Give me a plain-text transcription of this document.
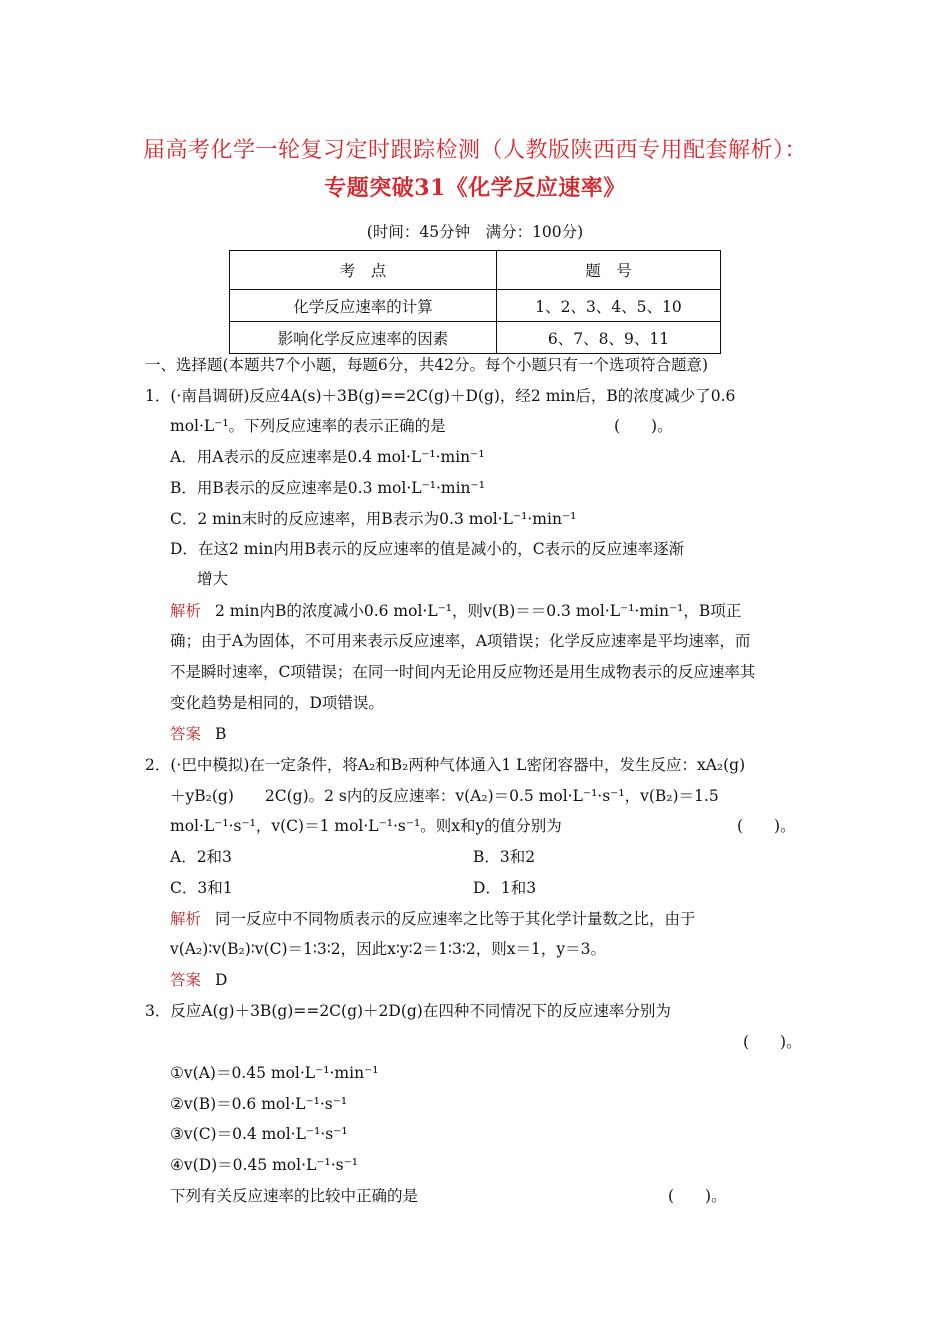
届高考化学一轮复习定时跟踪检测（人教版陕西西专用配套解析）：
专题突破31《化学反应速率》
(时间：45分钟　满分：100分)
考　点	题　号
化学反应速率的计算	1、2、3、4、5、10
影响化学反应速率的因素	6、7、8、9、11
一、选择题(本题共7个小题，每题6分，共42分。每个小题只有一个选项符合题意)
1．(·南昌调研)反应4A(s)＋3B(g)==2C(g)＋D(g)，经2 min后，B的浓度减少了0.6
mol·L⁻¹。下列反应速率的表示正确的是	(　　)。
A．用A表示的反应速率是0.4 mol·L⁻¹·min⁻¹
B．用B表示的反应速率是0.3 mol·L⁻¹·min⁻¹
C．2 min末时的反应速率，用B表示为0.3 mol·L⁻¹·min⁻¹
D．在这2 min内用B表示的反应速率的值是减小的，C表示的反应速率逐渐
增大
解析 2 min内B的浓度减小0.6 mol·L⁻¹，则v(B)＝＝0.3 mol·L⁻¹·min⁻¹，B项正
确；由于A为固体，不可用来表示反应速率，A项错误；化学反应速率是平均速率，而
不是瞬时速率，C项错误；在同一时间内无论用反应物还是用生成物表示的反应速率其
变化趋势是相同的，D项错误。
答案 B
2．(·巴中模拟)在一定条件，将A₂和B₂两种气体通入1 L密闭容器中，发生反应：xA₂(g)
＋yB₂(g)　　2C(g)。2 s内的反应速率：v(A₂)＝0.5 mol·L⁻¹·s⁻¹，v(B₂)＝1.5
mol·L⁻¹·s⁻¹，v(C)＝1 mol·L⁻¹·s⁻¹。则x和y的值分别为	(　　)。
A．2和3	B．3和2
C．3和1	D．1和3
解析 同一反应中不同物质表示的反应速率之比等于其化学计量数之比，由于
v(A₂)∶v(B₂)∶v(C)＝1∶3∶2，因此x∶y∶2＝1∶3∶2，则x＝1，y＝3。
答案 D
3．反应A(g)＋3B(g)==2C(g)＋2D(g)在四种不同情况下的反应速率分别为
(　　)。
①v(A)＝0.45 mol·L⁻¹·min⁻¹
②v(B)＝0.6 mol·L⁻¹·s⁻¹
③v(C)＝0.4 mol·L⁻¹·s⁻¹
④v(D)＝0.45 mol·L⁻¹·s⁻¹
下列有关反应速率的比较中正确的是	(　　)。
